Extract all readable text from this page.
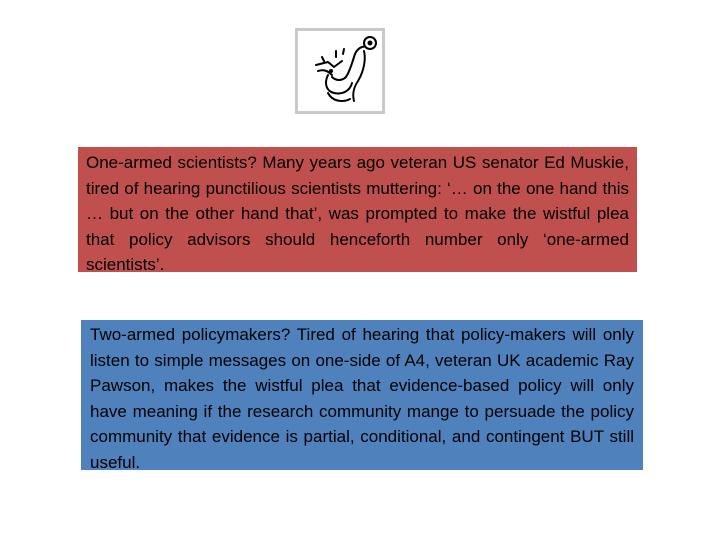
One-armed scientists? Many years ago veteran US senator Ed Muskie, tired of hearing punctilious scientists muttering: ‘… on the one hand this … but on the other hand that’, was prompted to make the wistful plea that policy advisors should henceforth number only ‘one-armed scientists’.

Two-armed policymakers? Tired of hearing that policy-makers will only listen to simple messages on one-side of A4, veteran UK academic Ray Pawson, makes the wistful plea that evidence-based policy will only have meaning if the research community mange to persuade the policy community that evidence is partial, conditional, and contingent BUT still useful.
